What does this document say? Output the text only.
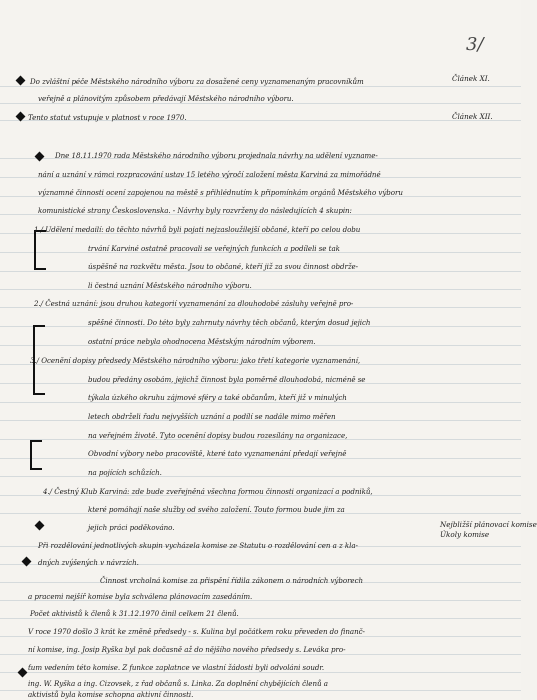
3/
Článek XI.
Článek XII.
Nejbližší plánovací komise
Úkoly komise
Do zvláštní péče Městského národního výboru za dosažené ceny vyznamenaným pracovníkům
veřejně a plánovitým způsobem předávají Městského národního výboru.
Tento statut vstupuje v platnost v roce 1970.
Dne 18.11.1970 rada Městského národního výboru projednala návrhy na udělení vyzname-
nání a uznání v rámci rozpracování ustav 15 letého výročí založení města Karviná za mimořádné
významné činnosti ocení zapojenou na městě s přihlédnutím k připomínkám orgánů Městského výboru
komunistické strany Československa. - Návrhy byly rozvrženy do následujících 4 skupin:
1./ Udělení medailí: do těchto návrhů byli pojati nejzasloužilejší občané, kteří po celou dobu
trvání Karviné ostatně pracovali se veřejných funkcích a podíleli se tak
úspěšně na rozkvětu města. Jsou to občané, kteří již za svou činnost obdrže-
li čestná uznání Městského národního výboru.
2./ Čestná uznání: jsou druhou kategorií vyznamenání za dlouhodobé zásluhy veřejně pro-
spěšné činnosti. Do této byly zahrnuty návrhy těch občanů, kterým dosud jejich
ostatní práce nebyla ohodnocena Městským národním výborem.
3./ Ocenění dopisy předsedy Městského národního výboru: jako třetí kategorie vyznamenání,
budou předány osobám, jejichž činnost byla poměrně dlouhodobá, nicméně se
týkala úzkého okruhu zájmové sféry a také občanům, kteří již v minulých
letech obdrželi řadu nejvyšších uznání a podílí se nadále mimo měřen
na veřejném životě. Tyto ocenění dopisy budou rozesílány na organizace,
Obvodní výbory nebo pracoviště, které tato vyznamenání předají veřejně
na pojících schůzích.
4./ Čestný Klub Karviná: zde bude zveřejněná všechna formou činnosti organizací a podniků,
které pomáhají naše služby od svého založení. Touto formou bude jim za
jejich práci poděkováno.
Při rozdělování jednotlivých skupin vycházela komise ze Statutu o rozdělování cen a z kla-
dných zvýšených v návrzích.
Činnost vrcholná komise za přispění řídila zákonem o národních výborech
a pracemi nejšíř komise byla schválena plánovacím zasedáním.
Počet aktivistů k členů k 31.12.1970 činil celkem 21 členů.
V roce 1970 došlo 3 krát ke změně předsedy - s. Kulina byl počátkem roku převeden do finanč-
ní komise, ing. Josip Ryška byl pak dočasně až do nějšího nového předsedy s. Leváka pro-
ťum vedením této komise. Z funkce zaplatnce ve vlastní žádosti byli odvoláni soudr.
ing. W. Ryška a ing. Cizovsek, z řad občanů s. Linka. Za doplnění chybějících členů a
aktivistů byla komise schopna aktivní činnosti.
